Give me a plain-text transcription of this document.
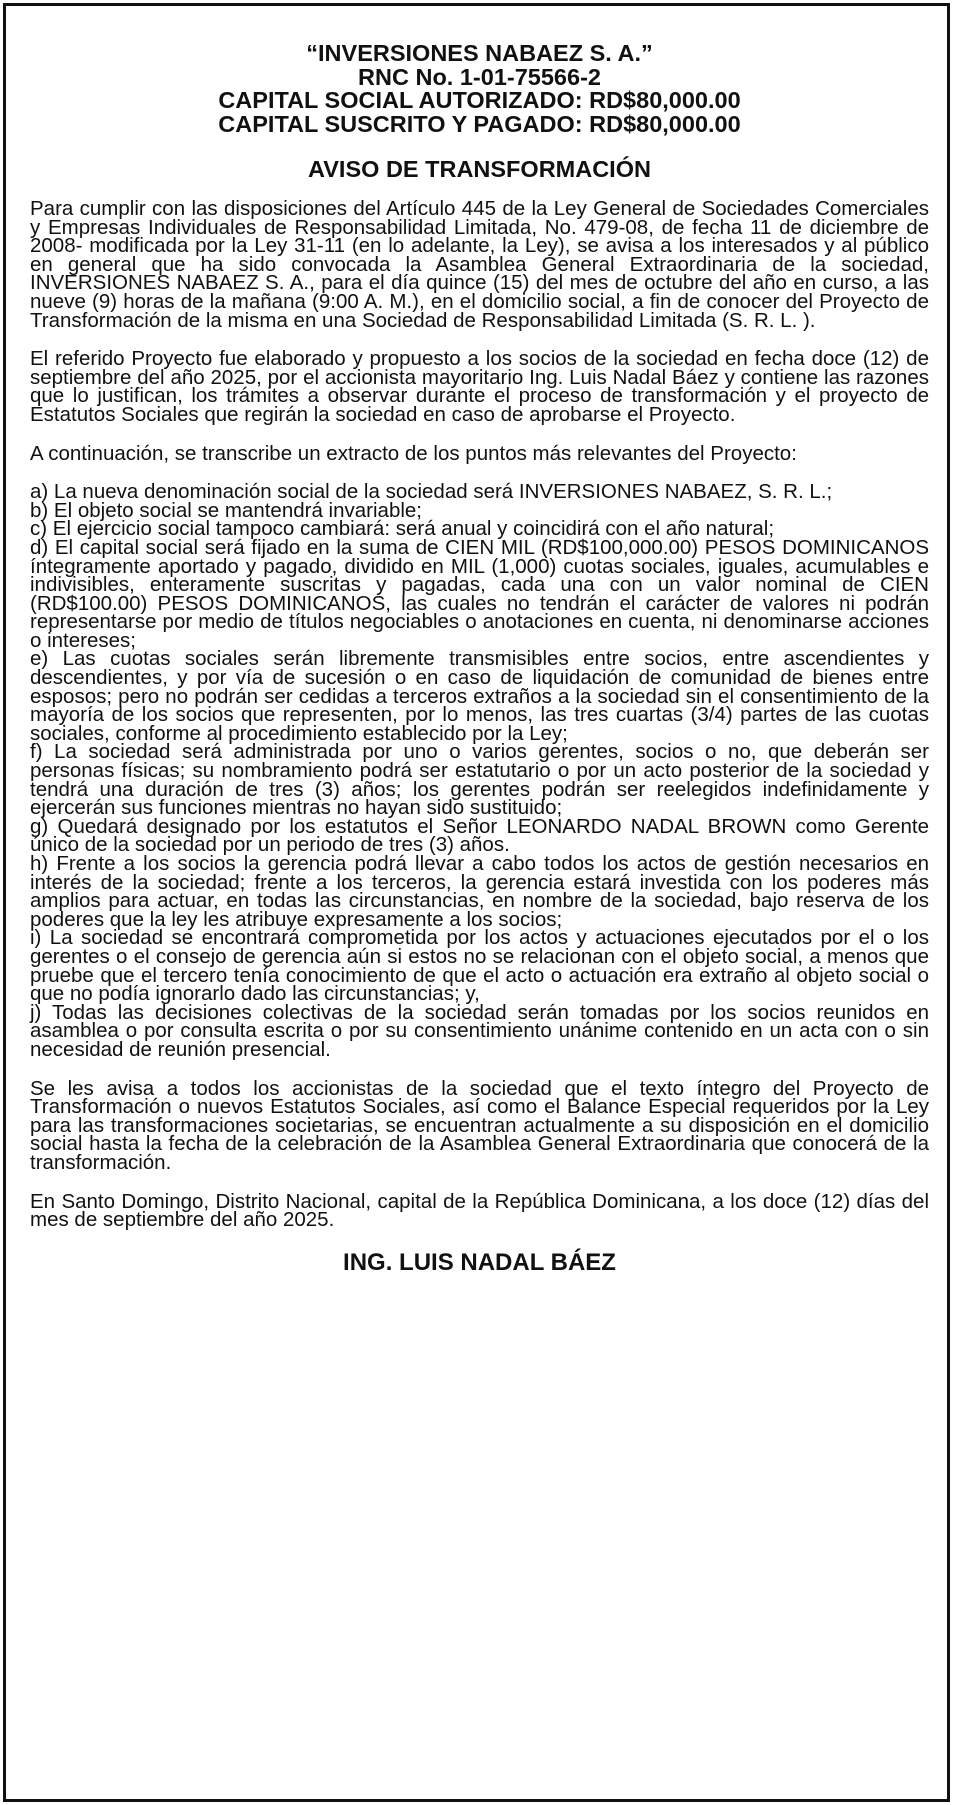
“INVERSIONES NABAEZ S. A.”
RNC No. 1-01-75566-2
CAPITAL SOCIAL AUTORIZADO: RD$80,000.00
CAPITAL SUSCRITO Y PAGADO: RD$80,000.00
AVISO DE TRANSFORMACIÓN

Para cumplir con las disposiciones del Artículo 445 de la Ley General de Sociedades Comerciales y Empresas Individuales de Responsabilidad Limitada, No. 479-08, de fecha 11 de diciembre de 2008- modificada por la Ley 31-11 (en lo adelante, la Ley), se avisa a los interesados y al público en general que ha sido convocada la Asamblea General Extraordinaria de la sociedad, INVERSIONES NABAEZ S. A., para el día quince (15) del mes de octubre del año en curso, a las nueve (9) horas de la mañana (9:00 A. M.), en el domicilio social, a fin de conocer del Proyecto de Transformación de la misma en una Sociedad de Responsabilidad Limitada (S. R. L. ).

El referido Proyecto fue elaborado y propuesto a los socios de la sociedad en fecha doce (12) de septiembre del año 2025, por el accionista mayoritario Ing. Luis Nadal Báez y contiene las razones que lo justifican, los trámites a observar durante el proceso de transformación y el proyecto de Estatutos Sociales que regirán la sociedad en caso de aprobarse el Proyecto.

A continuación, se transcribe un extracto de los puntos más relevantes del Proyecto:

a) La nueva denominación social de la sociedad será INVERSIONES NABAEZ, S. R. L.;
b) El objeto social se mantendrá invariable;
c) El ejercicio social tampoco cambiará: será anual y coincidirá con el año natural;
d) El capital social será fijado en la suma de CIEN MIL (RD$100,000.00) PESOS DOMINICANOS íntegramente aportado y pagado, dividido en MIL (1,000) cuotas sociales, iguales, acumulables e indivisibles, enteramente suscritas y pagadas, cada una con un valor nominal de CIEN (RD$100.00) PESOS DOMINICANOS, las cuales no tendrán el carácter de valores ni podrán representarse por medio de títulos negociables o anotaciones en cuenta, ni denominarse acciones o intereses;
e) Las cuotas sociales serán libremente transmisibles entre socios, entre ascendientes y descendientes, y por vía de sucesión o en caso de liquidación de comunidad de bienes entre esposos; pero no podrán ser cedidas a terceros extraños a la sociedad sin el consentimiento de la mayoría de los socios que representen, por lo menos, las tres cuartas (3/4) partes de las cuotas sociales, conforme al procedimiento establecido por la Ley;
f) La sociedad será administrada por uno o varios gerentes, socios o no, que deberán ser personas físicas; su nombramiento podrá ser estatutario o por un acto posterior de la sociedad y tendrá una duración de tres (3) años; los gerentes podrán ser reelegidos indefinidamente y ejercerán sus funciones mientras no hayan sido sustituido;
g) Quedará designado por los estatutos el Señor LEONARDO NADAL BROWN como Gerente único de la sociedad por un periodo de tres (3) años.
h) Frente a los socios la gerencia podrá llevar a cabo todos los actos de gestión necesarios en interés de la sociedad; frente a los terceros, la gerencia estará investida con los poderes más amplios para actuar, en todas las circunstancias, en nombre de la sociedad, bajo reserva de los poderes que la ley les atribuye expresamente a los socios;
i) La sociedad se encontrará comprometida por los actos y actuaciones ejecutados por el o los gerentes o el consejo de gerencia aún si estos no se relacionan con el objeto social, a menos que pruebe que el tercero tenía conocimiento de que el acto o actuación era extraño al objeto social o que no podía ignorarlo dado las circunstancias; y,
j) Todas las decisiones colectivas de la sociedad serán tomadas por los socios reunidos en asamblea o por consulta escrita o por su consentimiento unánime contenido en un acta con o sin necesidad de reunión presencial.

Se les avisa a todos los accionistas de la sociedad que el texto íntegro del Proyecto de Transformación o nuevos Estatutos Sociales, así como el Balance Especial requeridos por la Ley para las transformaciones societarias, se encuentran actualmente a su disposición en el domicilio social hasta la fecha de la celebración de la Asamblea General Extraordinaria que conocerá de la transformación.

En Santo Domingo, Distrito Nacional, capital de la República Dominicana, a los doce (12) días del mes de septiembre del año 2025.

ING. LUIS NADAL BÁEZ
